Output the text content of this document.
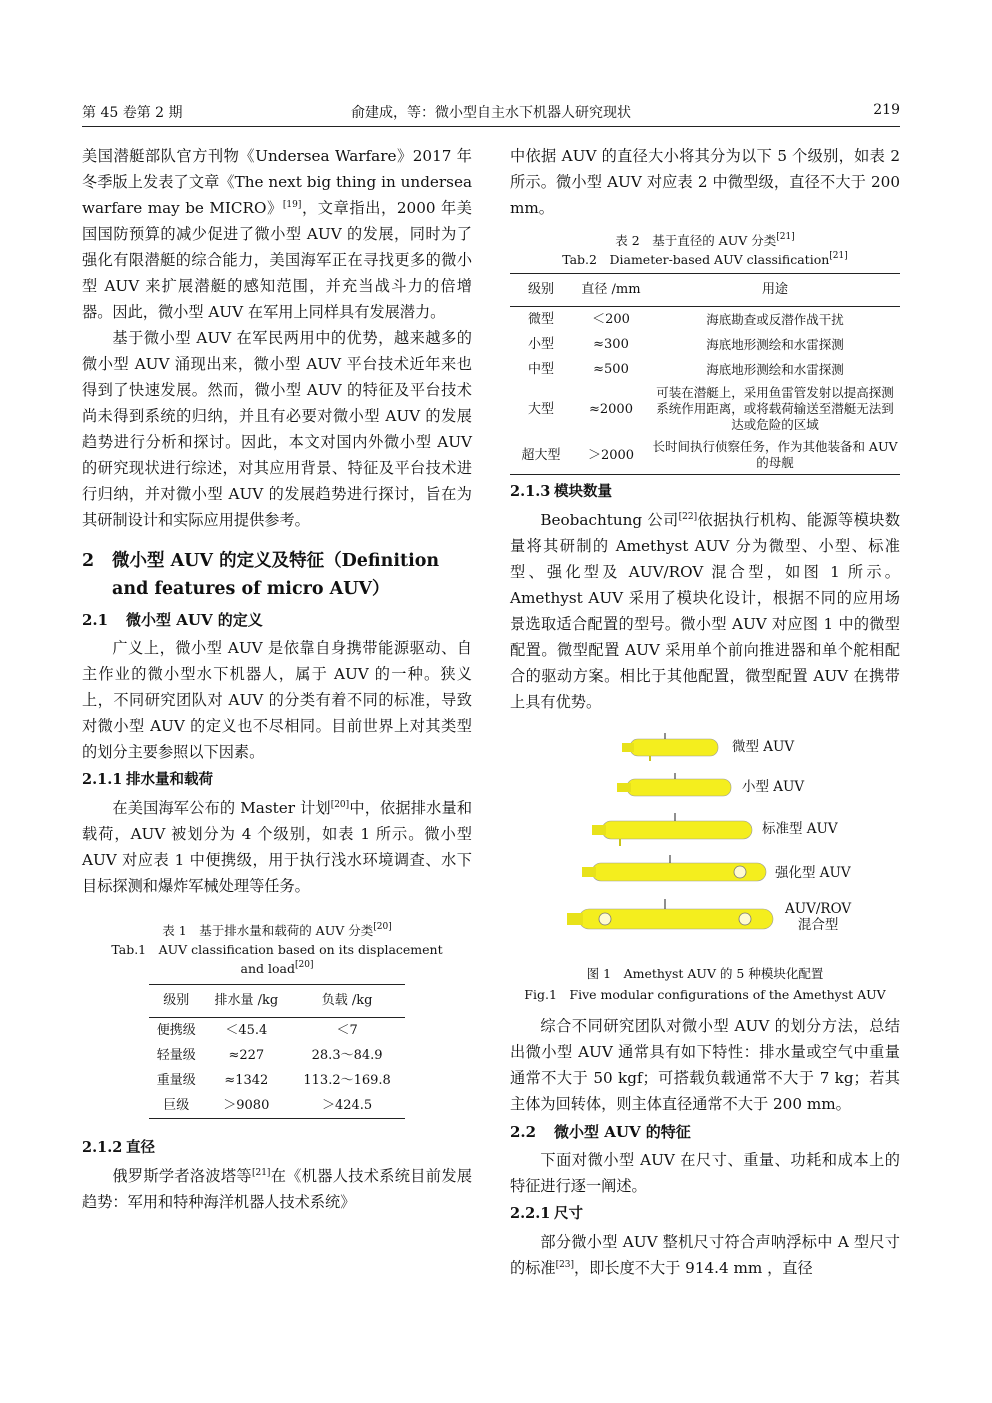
第 45 卷第 2 期	俞建成，等：微小型自主水下机器人研究现状	219

美国潜艇部队官方刊物《Undersea Warfare》2017 年冬季版上发表了文章《The next big thing in undersea warfare may be MICRO》[19]，文章指出，2000 年美国国防预算的减少促进了微小型 AUV 的发展，同时为了强化有限潜艇的综合能力，美国海军正在寻找更多的微小型 AUV 来扩展潜艇的感知范围，并充当战斗力的倍增器。因此，微小型 AUV 在军用上同样具有发展潜力。

基于微小型 AUV 在军民两用中的优势，越来越多的微小型 AUV 涌现出来，微小型 AUV 平台技术近年来也得到了快速发展。然而，微小型 AUV 的特征及平台技术尚未得到系统的归纳，并且有必要对微小型 AUV 的发展趋势进行分析和探讨。因此，本文对国内外微小型 AUV 的研究现状进行综述，对其应用背景、特征及平台技术进行归纳，并对微小型 AUV 的发展趋势进行探讨，旨在为其研制设计和实际应用提供参考。

2 微小型 AUV 的定义及特征（Definition
and features of micro AUV）
2.1 微小型 AUV 的定义

广义上，微小型 AUV 是依靠自身携带能源驱动、自主作业的微小型水下机器人，属于 AUV 的一种。狭义上，不同研究团队对 AUV 的分类有着不同的标准，导致对微小型 AUV 的定义也不尽相同。目前世界上对其类型的划分主要参照以下因素。

2.1.1 排水量和载荷

在美国海军公布的 Master 计划[20]中，依据排水量和载荷，AUV 被划分为 4 个级别，如表 1 所示。微小型 AUV 对应表 1 中便携级，用于执行浅水环境调查、水下目标探测和爆炸军械处理等任务。

表 1　基于排水量和载荷的 AUV 分类[20]
Tab.1　AUV classification based on its displacement and load[20]
级别	排水量 /kg	负载 /kg
便携级	＜45.4	＜7
轻量级	≈227	28.3～84.9
重量级	≈1342	113.2～169.8
巨级	＞9080	＞424.5
2.1.2 直径

俄罗斯学者洛波塔等[21]在《机器人技术系统目前发展趋势：军用和特种海洋机器人技术系统》

中依据 AUV 的直径大小将其分为以下 5 个级别，如表 2 所示。微小型 AUV 对应表 2 中微型级，直径不大于 200 mm。

表 2　基于直径的 AUV 分类[21]
Tab.2　Diameter-based AUV classification[21]
级别	直径 /mm	用途
微型	＜200	海底勘查或反潜作战干扰
小型	≈300	海底地形测绘和水雷探测
中型	≈500	海底地形测绘和水雷探测
大型	≈2000	可装在潜艇上，采用鱼雷管发射以提高探测系统作用距离，或将载荷输送至潜艇无法到达或危险的区域
超大型	＞2000	长时间执行侦察任务，作为其他装备和 AUV 的母舰
2.1.3 模块数量

Beobachtung 公司[22]依据执行机构、能源等模块数量将其研制的 Amethyst AUV 分为微型、小型、标准型、强化型及 AUV/ROV 混合型，如图 1 所示。Amethyst AUV 采用了模块化设计，根据不同的应用场景选取适合配置的型号。微小型 AUV 对应图 1 中的微型配置。微型配置 AUV 采用单个前向推进器和单个舵相配合的驱动方案。相比于其他配置，微型配置 AUV 在携带上具有优势。

微型 AUV
小型 AUV
标准型 AUV
强化型 AUV
AUV/ROV
混合型
图 1　Amethyst AUV 的 5 种模块化配置
Fig.1　Five modular configurations of the Amethyst AUV

综合不同研究团队对微小型 AUV 的划分方法，总结出微小型 AUV 通常具有如下特性：排水量或空气中重量通常不大于 50 kgf；可搭载负载通常不大于 7 kg；若其主体为回转体，则主体直径通常不大于 200 mm。

2.2 微小型 AUV 的特征

下面对微小型 AUV 在尺寸、重量、功耗和成本上的特征进行逐一阐述。

2.2.1 尺寸

部分微小型 AUV 整机尺寸符合声呐浮标中 A 型尺寸的标准[23]，即长度不大于 914.4 mm ，直径
